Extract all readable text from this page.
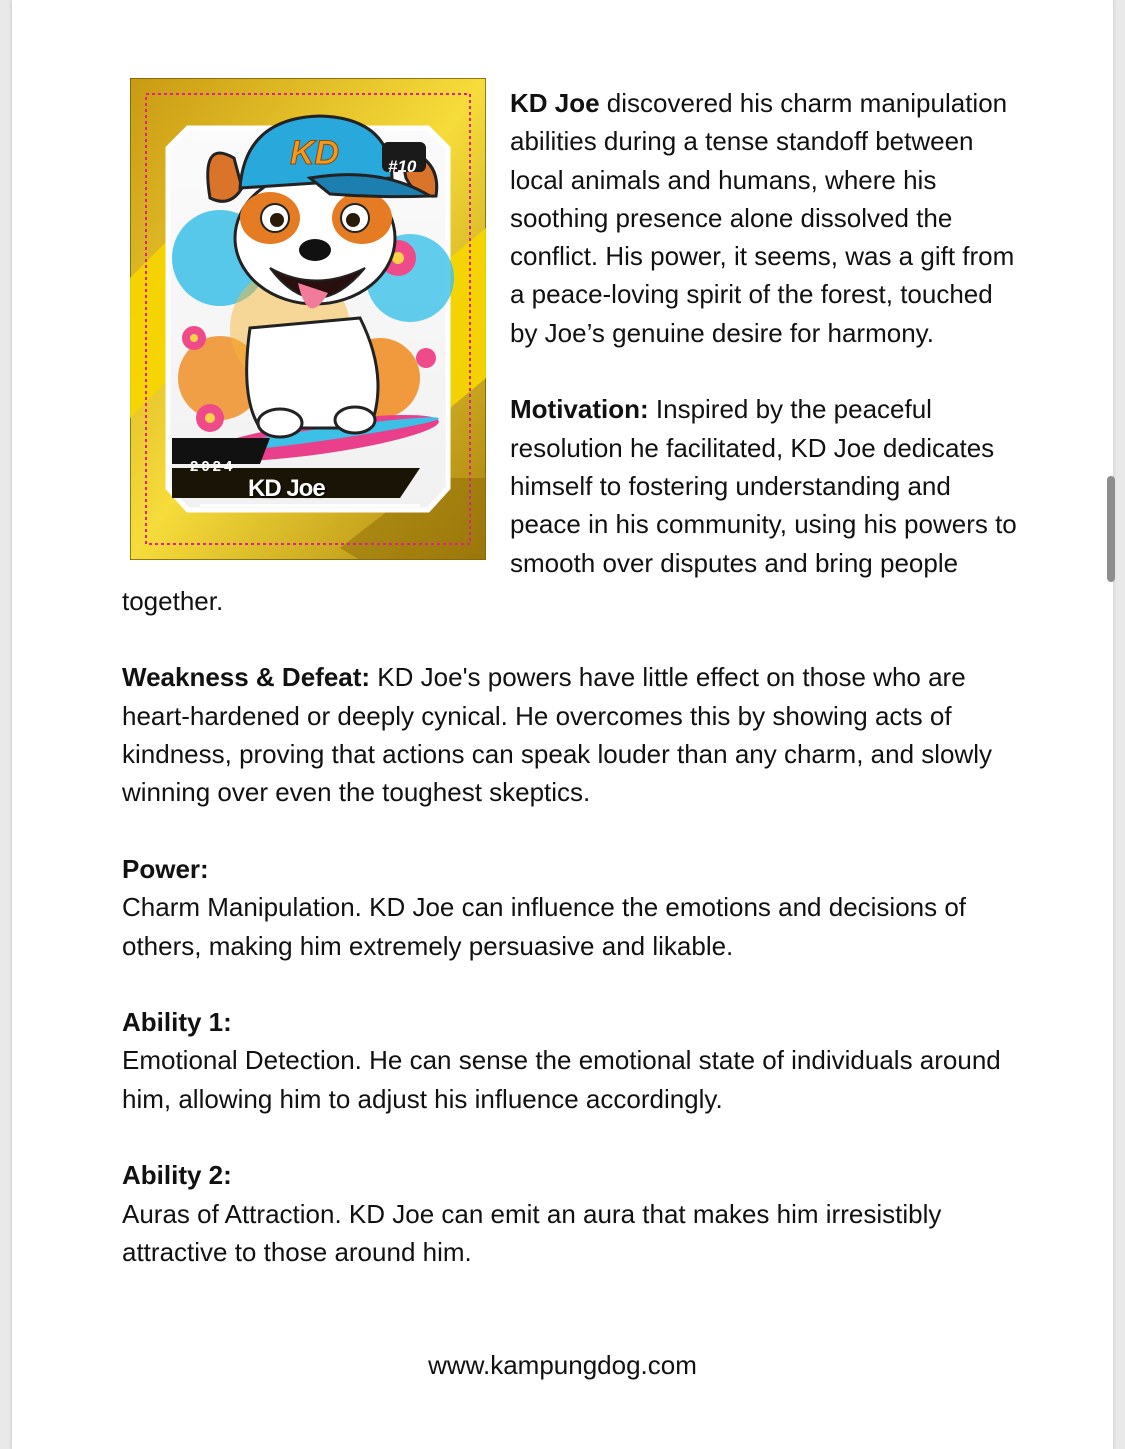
KD	#10
2024
KD Joe

KD Joe discovered his charm manipulation abilities during a tense standoff between local animals and humans, where his soothing presence alone dissolved the conflict. His power, it seems, was a gift from a peace-loving spirit of the forest, touched by Joe’s genuine desire for harmony.

Motivation: Inspired by the peaceful resolution he facilitated, KD Joe dedicates himself to fostering understanding and peace in his community, using his powers to smooth over disputes and bring people together.

Weakness & Defeat: KD Joe's powers have little effect on those who are heart-hardened or deeply cynical. He overcomes this by showing acts of kindness, proving that actions can speak louder than any charm, and slowly winning over even the toughest skeptics.

Power:

Charm Manipulation. KD Joe can influence the emotions and decisions of others, making him extremely persuasive and likable.

Ability 1:

Emotional Detection. He can sense the emotional state of individuals around him, allowing him to adjust his influence accordingly.

Ability 2:

Auras of Attraction. KD Joe can emit an aura that makes him irresistibly attractive to those around him.

www.kampungdog.com
